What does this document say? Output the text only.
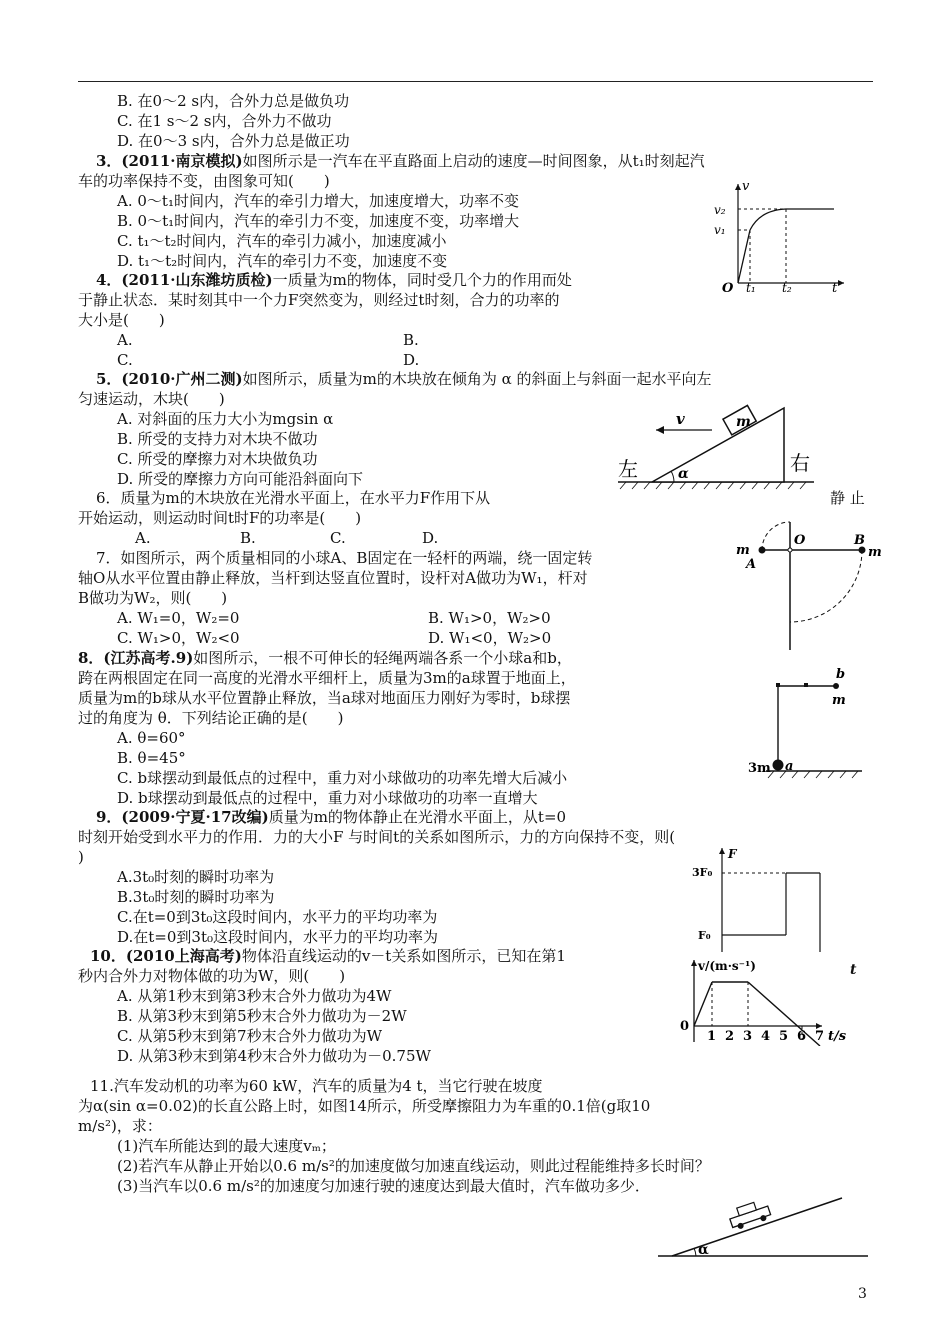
B. 在0～2 s内，合外力总是做负功
C. 在1 s～2 s内，合外力不做功
D. 在0～3 s内，合外力总是做正功
3．(2011·南京模拟)如图所示是一汽车在平直路面上启动的速度—时间图象，从t₁时刻起汽
车的功率保持不变，由图象可知(　　)
A. 0～t₁时间内，汽车的牵引力增大，加速度增大，功率不变
B. 0～t₁时间内，汽车的牵引力不变，加速度不变，功率增大
C. t₁～t₂时间内，汽车的牵引力减小，加速度减小
D. t₁～t₂时间内，汽车的牵引力不变，加速度不变
4．(2011·山东潍坊质检)一质量为m的物体，同时受几个力的作用而处
于静止状态．某时刻其中一个力F突然变为，则经过t时刻，合力的功率的
大小是(　　)
A.	B.
C.	D.
5．(2010·广州二测)如图所示，质量为m的木块放在倾角为 α 的斜面上与斜面一起水平向左
匀速运动，木块(　　)
A. 对斜面的压力大小为mgsin α
B. 所受的支持力对木块不做功
C. 所受的摩擦力对木块做负功
D. 所受的摩擦力方向可能沿斜面向下
6．质量为m的木块放在光滑水平面上，在水平力F作用下从	静 止
开始运动，则运动时间t时F的功率是(　　)
A.	B.	C.	D.
7．如图所示，两个质量相同的小球A、B固定在一轻杆的两端，绕一固定转
轴O从水平位置由静止释放，当杆到达竖直位置时，设杆对A做功为W₁，杆对
B做功为W₂，则(　　)
A. W₁=0，W₂=0	B. W₁>0，W₂>0
C. W₁>0，W₂<0	D. W₁<0，W₂>0
8．(江苏高考.9)如图所示，一根不可伸长的轻绳两端各系一个小球a和b，
跨在两根固定在同一高度的光滑水平细杆上，质量为3m的a球置于地面上，
质量为m的b球从水平位置静止释放，当a球对地面压力刚好为零时，b球摆
过的角度为 θ．下列结论正确的是(　　)
A. θ=60°
B. θ=45°
C. b球摆动到最低点的过程中，重力对小球做功的功率先增大后减小
D. b球摆动到最低点的过程中，重力对小球做功的功率一直增大
9．(2009·宁夏·17改编)质量为m的物体静止在光滑水平面上，从t=0
时刻开始受到水平力的作用．力的大小F 与时间t的关系如图所示，力的方向保持不变，则(
)
A.3t₀时刻的瞬时功率为
B.3t₀时刻的瞬时功率为
C.在t=0到3t₀这段时间内，水平力的平均功率为
D.在t=0到3t₀这段时间内，水平力的平均功率为
10．(2010上海高考)物体沿直线运动的v－t关系如图所示，已知在第1
秒内合外力对物体做的功为W，则(　　)
A. 从第1秒末到第3秒末合外力做功为4W
B. 从第3秒末到第5秒末合外力做功为－2W
C. 从第5秒末到第7秒末合外力做功为W
D. 从第3秒末到第4秒末合外力做功为－0.75W
11.汽车发动机的功率为60 kW，汽车的质量为4 t，当它行驶在坡度
为α(sin α=0.02)的长直公路上时，如图14所示，所受摩擦阻力为车重的0.1倍(g取10
m/s²)，求：
(1)汽车所能达到的最大速度vₘ；
(2)若汽车从静止开始以0.6 m/s²的加速度做匀加速直线运动，则此过程能维持多长时间？
(3)当汽车以0.6 m/s²的加速度匀加速行驶的速度达到最大值时，汽车做功多少．
v
v₂
v₁
O t₁ t₂	t
α
m
v
左	右
m
A
O	B
m
b
m
3m a
F
3F₀
F₀
t
v/(m·s⁻¹)
0
1 2 3 4 5 6 7 t/s
α
3
